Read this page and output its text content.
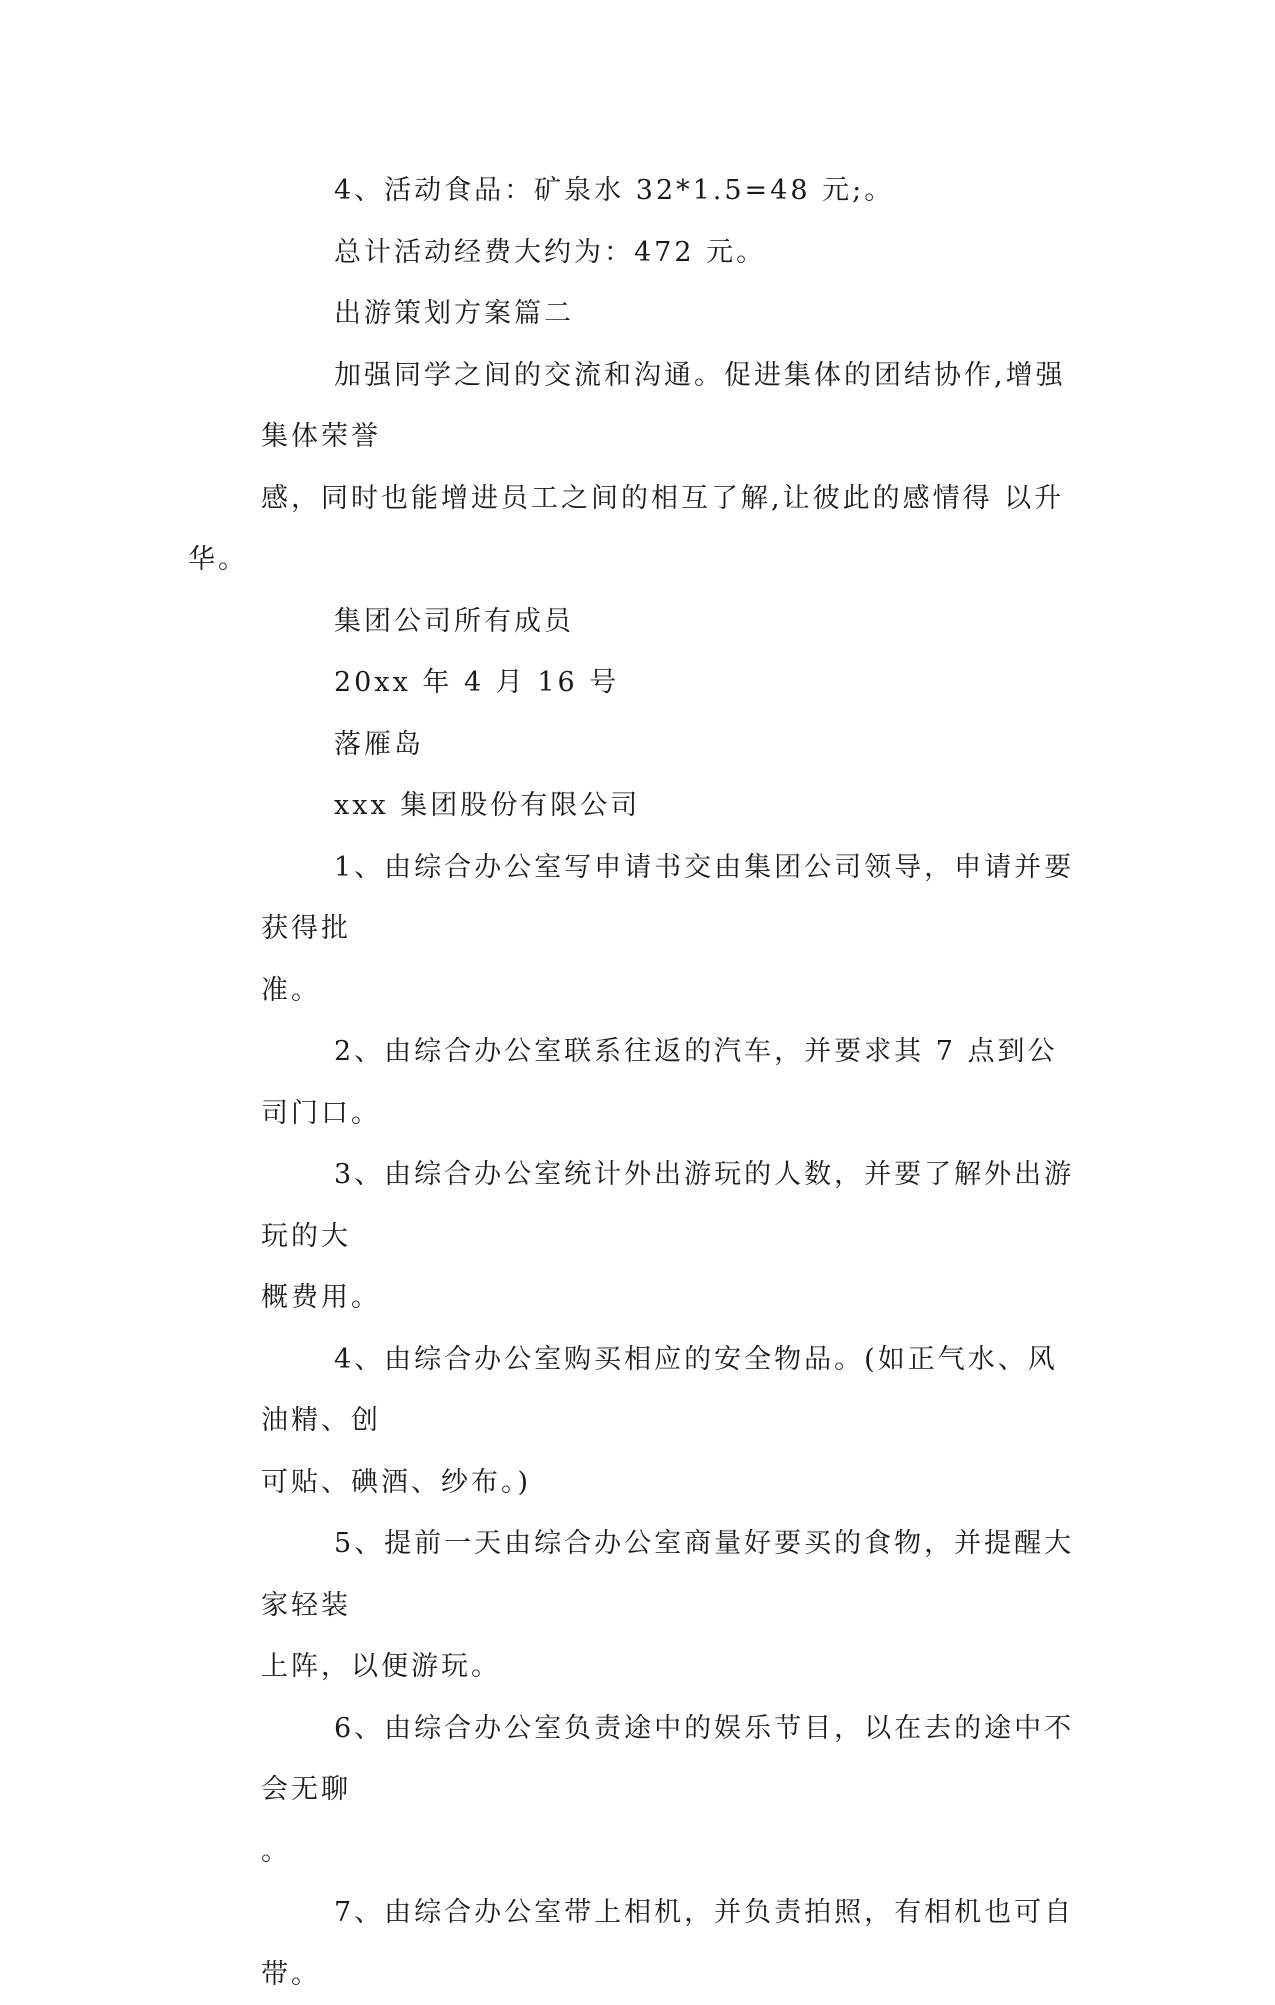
4、活动食品：矿泉水 32*1.5=48 元;。
总计活动经费大约为：472 元。
出游策划方案篇二
加强同学之间的交流和沟通。促进集体的团结协作,增强集体荣誉
感，同时也能增进员工之间的相互了解,让彼此的感情得 以升华。
集团公司所有成员
20xx 年 4 月 16 号
落雁岛
xxx 集团股份有限公司
1、由综合办公室写申请书交由集团公司领导，申请并要获得批
准。
2、由综合办公室联系往返的汽车，并要求其 7 点到公司门口。
3、由综合办公室统计外出游玩的人数，并要了解外出游玩的大
概费用。
4、由综合办公室购买相应的安全物品。(如正气水、风油精、创
可贴、碘酒、纱布。)
5、提前一天由综合办公室商量好要买的食物，并提醒大家轻装
上阵，以便游玩。
6、由综合办公室负责途中的娱乐节目，以在去的途中不会无聊
。
7、由综合办公室带上相机，并负责拍照，有相机也可自带。
